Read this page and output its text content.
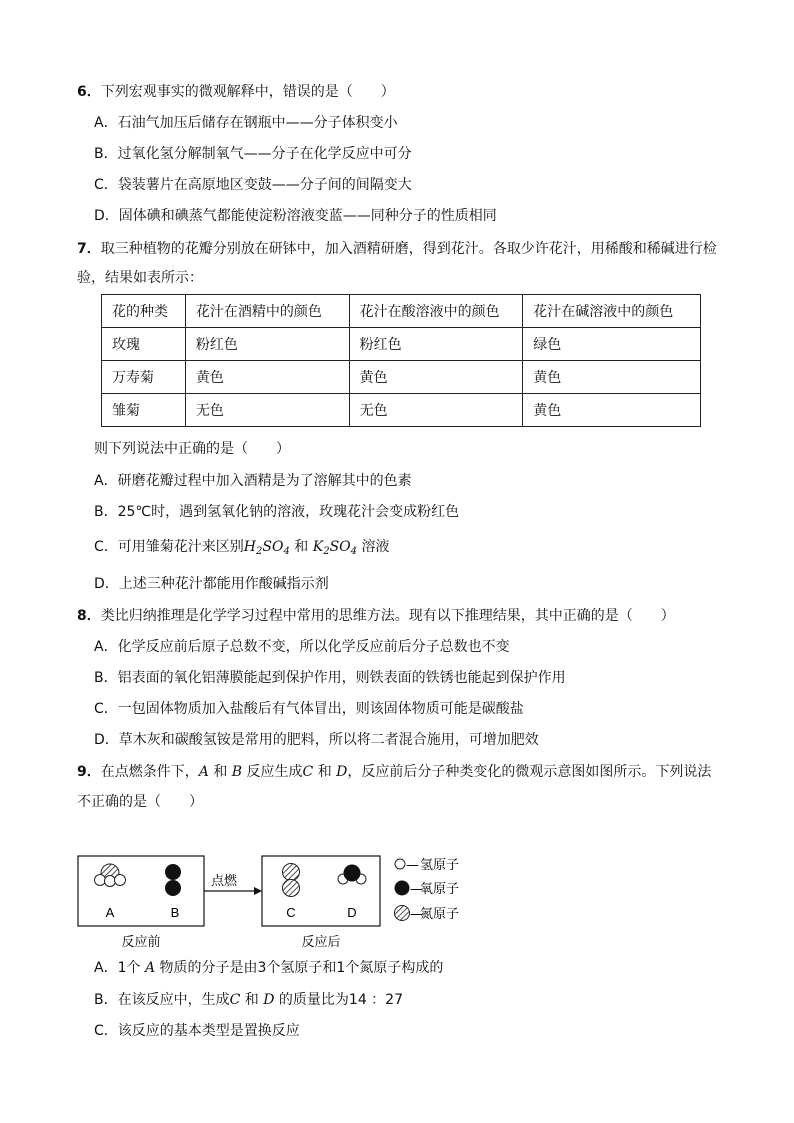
6．下列宏观事实的微观解释中，错误的是（　　）
A．石油气加压后储存在钢瓶中——分子体积变小
B．过氧化氢分解制氧气——分子在化学反应中可分
C．袋装薯片在高原地区变鼓——分子间的间隔变大
D．固体碘和碘蒸气都能使淀粉溶液变蓝——同种分子的性质相同
7．取三种植物的花瓣分别放在研钵中，加入酒精研磨，得到花汁。各取少许花汁，用稀酸和稀碱进行检
验，结果如表所示：
花的种类	花汁在酒精中的颜色	花汁在酸溶液中的颜色	花汁在碱溶液中的颜色
玫瑰	粉红色	粉红色	绿色
万寿菊	黄色	黄色	黄色
雏菊	无色	无色	黄色
则下列说法中正确的是（　　）
A．研磨花瓣过程中加入酒精是为了溶解其中的色素
B．25℃时，遇到氢氧化钠的溶液，玫瑰花汁会变成粉红色
C．可用雏菊花汁来区别$H_2SO_4$ 和 $K_2SO_4$ 溶液
D．上述三种花汁都能用作酸碱指示剂
8．类比归纳推理是化学学习过程中常用的思维方法。现有以下推理结果，其中正确的是（　　）
A．化学反应前后原子总数不变，所以化学反应前后分子总数也不变
B．铝表面的氧化铝薄膜能起到保护作用，则铁表面的铁锈也能起到保护作用
C．一包固体物质加入盐酸后有气体冒出，则该固体物质可能是碳酸盐
D．草木灰和碳酸氢铵是常用的肥料，所以将二者混合施用，可增加肥效
9．在点燃条件下，A 和 B 反应生成C 和 D，反应前后分子种类变化的微观示意图如图所示。下列说法
不正确的是（　　）
A	B
点燃
C	D
反应前	反应后
— 氢原子
—
氧原子
—
氮原子
A．1个 A 物质的分子是由3个氢原子和1个氮原子构成的
B．在该反应中，生成C 和 D 的质量比为14 ：27
C．该反应的基本类型是置换反应
